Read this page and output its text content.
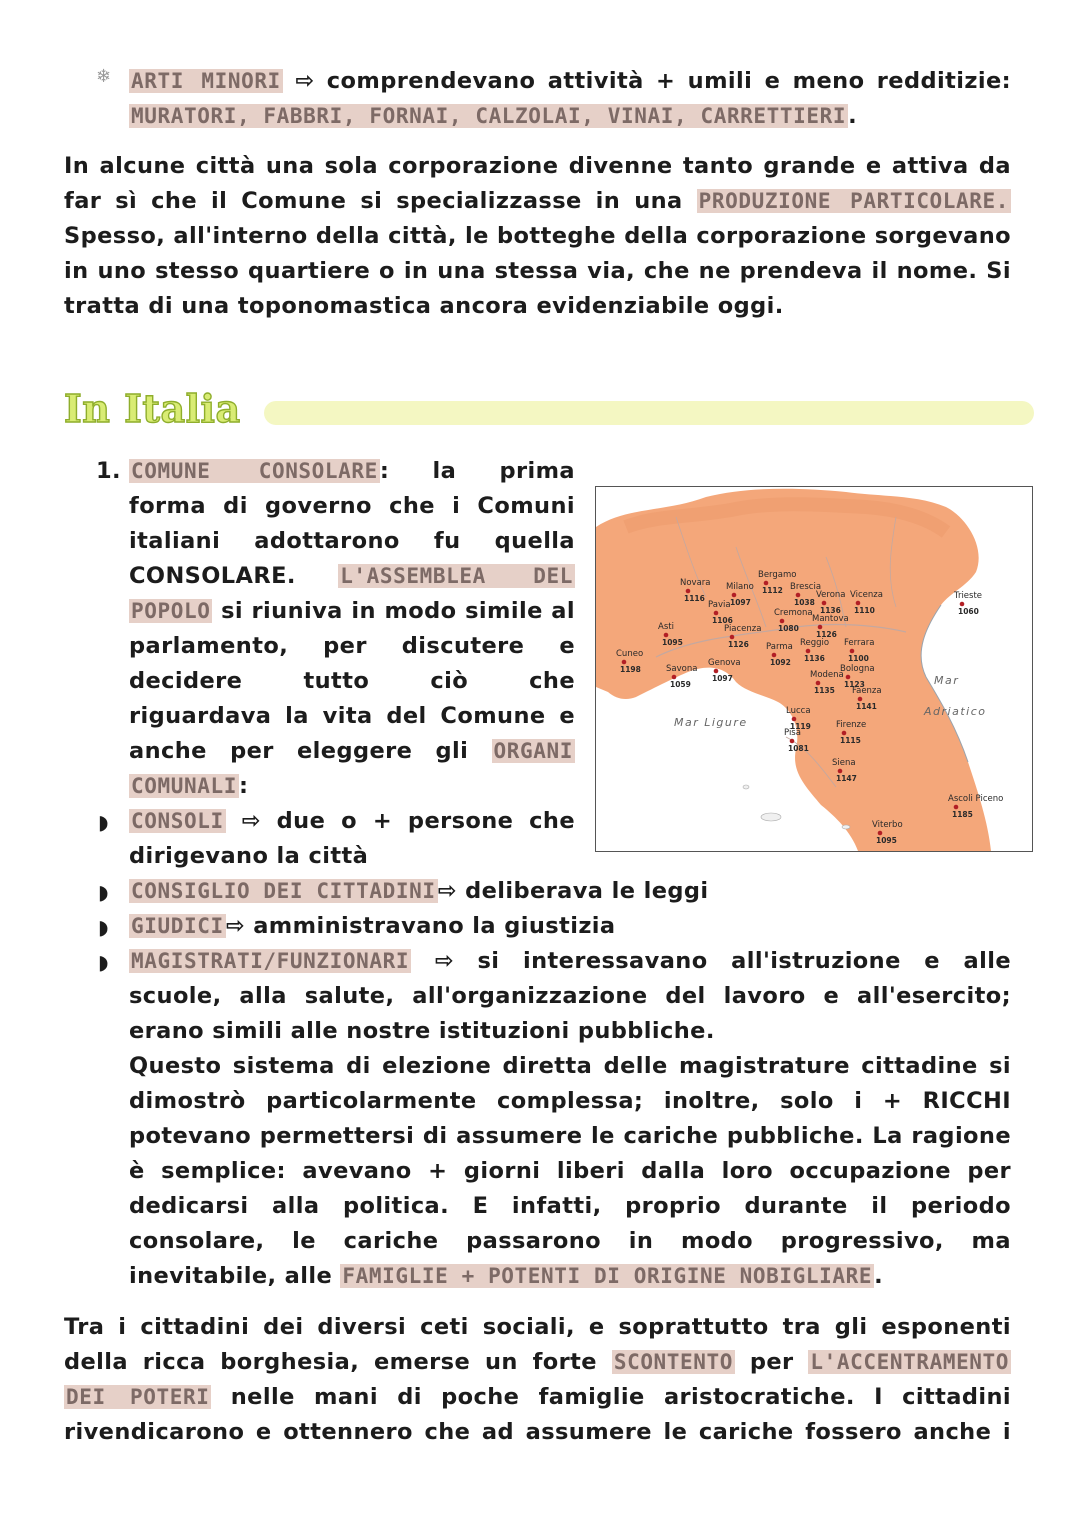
❄ ARTI MINORI ⇨ comprendevano attività + umili e meno redditizie:
MURATORI, FABBRI, FORNAI, CALZOLAI, VINAI, CARRETTIERI.
In alcune città una sola corporazione divenne tanto grande e attiva da
far sì che il Comune si specializzasse in una PRODUZIONE PARTICOLARE.
Spesso, all'interno della città, le botteghe della corporazione sorgevano
in uno stesso quartiere o in una stessa via, che ne prendeva il nome. Si
tratta di una toponomastica ancora evidenziabile oggi.
In Italia
1. COMUNE CONSOLARE: la prima
forma di governo che i Comuni
italiani adottarono fu quella
CONSOLARE. L'ASSEMBLEA DEL
POPOLO si riuniva in modo simile al
parlamento, per discutere e
decidere tutto ciò che
riguardava la vita del Comune e
anche per eleggere gli ORGANI
COMUNALI:
Mar Ligure
Mar
Adriatico
Novara
1116
Milano
1097
Bergamo
1112 Brescia
1038
Verona
1136
Vicenza
1110
Trieste
1060
Pavia
1106
Cremona
1080
Mantova
1126
Asti
1095
Piacenza
1126	Reggio
1136
Parma
1092
Ferrara
1100
Cuneo
1198
Genova
1097
Savona
1059
Modena
1135
Bologna
1123
Faenza
1141
Lucca
1119
Pisa
1081
Firenze
1115
Siena
1147
Ascoli Piceno
1185
Viterbo
1095
◗ CONSOLI ⇨ due o + persone che
dirigevano la città
◗ CONSIGLIO DEI CITTADINI⇨ deliberava le leggi
◗ GIUDICI⇨ amministravano la giustizia
◗ MAGISTRATI/FUNZIONARI ⇨ si interessavano all'istruzione e alle
scuole, alla salute, all'organizzazione del lavoro e all'esercito;
erano simili alle nostre istituzioni pubbliche.
Questo sistema di elezione diretta delle magistrature cittadine si
dimostrò particolarmente complessa; inoltre, solo i + RICCHI
potevano permettersi di assumere le cariche pubbliche. La ragione
è semplice: avevano + giorni liberi dalla loro occupazione per
dedicarsi alla politica. E infatti, proprio durante il periodo
consolare, le cariche passarono in modo progressivo, ma
inevitabile, alle FAMIGLIE + POTENTI DI ORIGINE NOBIGLIARE.
Tra i cittadini dei diversi ceti sociali, e soprattutto tra gli esponenti
della ricca borghesia, emerse un forte SCONTENTO per L'ACCENTRAMENTO
DEI POTERI nelle mani di poche famiglie aristocratiche. I cittadini
rivendicarono e ottennero che ad assumere le cariche fossero anche i
